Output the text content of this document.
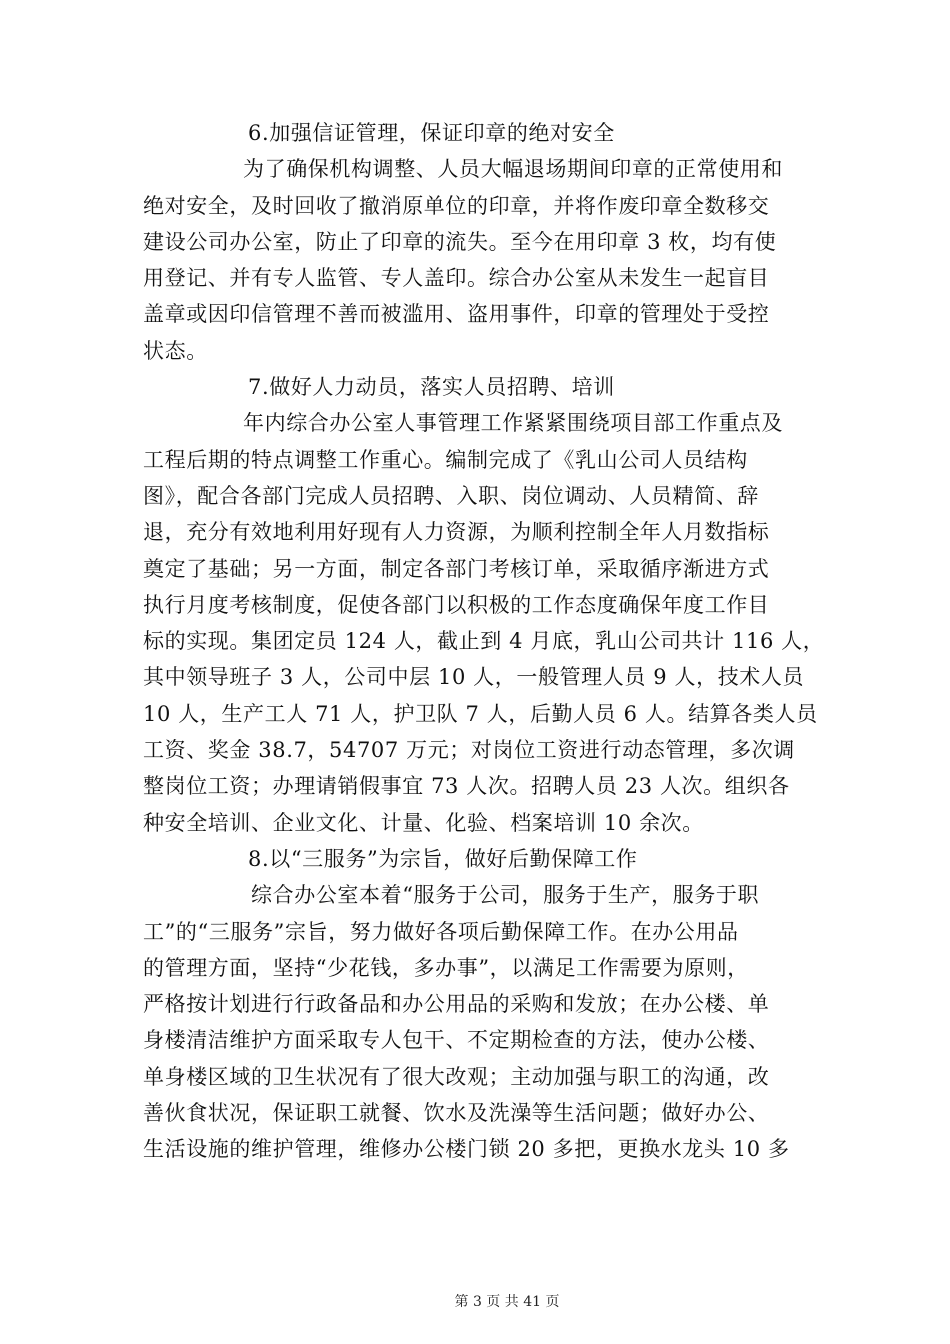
6.加强信证管理，保证印章的绝对安全
为了确保机构调整、人员大幅退场期间印章的正常使用和
绝对安全，及时回收了撤消原单位的印章，并将作废印章全数移交
建设公司办公室，防止了印章的流失。至今在用印章 3 枚，均有使
用登记、并有专人监管、专人盖印。综合办公室从未发生一起盲目
盖章或因印信管理不善而被滥用、盗用事件，印章的管理处于受控
状态。
7.做好人力动员，落实人员招聘、培训
年内综合办公室人事管理工作紧紧围绕项目部工作重点及
工程后期的特点调整工作重心。编制完成了《乳山公司人员结构
图》，配合各部门完成人员招聘、入职、岗位调动、人员精简、辞
退，充分有效地利用好现有人力资源，为顺利控制全年人月数指标
奠定了基础；另一方面，制定各部门考核订单，采取循序渐进方式
执行月度考核制度，促使各部门以积极的工作态度确保年度工作目
标的实现。集团定员 124 人，截止到 4 月底，乳山公司共计 116 人，
其中领导班子 3 人，公司中层 10 人，一般管理人员 9 人，技术人员
10 人，生产工人 71 人，护卫队 7 人，后勤人员 6 人。结算各类人员
工资、奖金 38.7，54707 万元；对岗位工资进行动态管理，多次调
整岗位工资；办理请销假事宜 73 人次。招聘人员 23 人次。组织各
种安全培训、企业文化、计量、化验、档案培训 10 余次。
8.以“三服务”为宗旨，做好后勤保障工作
综合办公室本着“服务于公司，服务于生产，服务于职
工”的“三服务”宗旨，努力做好各项后勤保障工作。在办公用品
的管理方面，坚持“少花钱，多办事”，以满足工作需要为原则，
严格按计划进行行政备品和办公用品的采购和发放；在办公楼、单
身楼清洁维护方面采取专人包干、不定期检查的方法，使办公楼、
单身楼区域的卫生状况有了很大改观；主动加强与职工的沟通，改
善伙食状况，保证职工就餐、饮水及洗澡等生活问题；做好办公、
生活设施的维护管理，维修办公楼门锁 20 多把，更换水龙头 10 多
第 3 页 共 41 页
